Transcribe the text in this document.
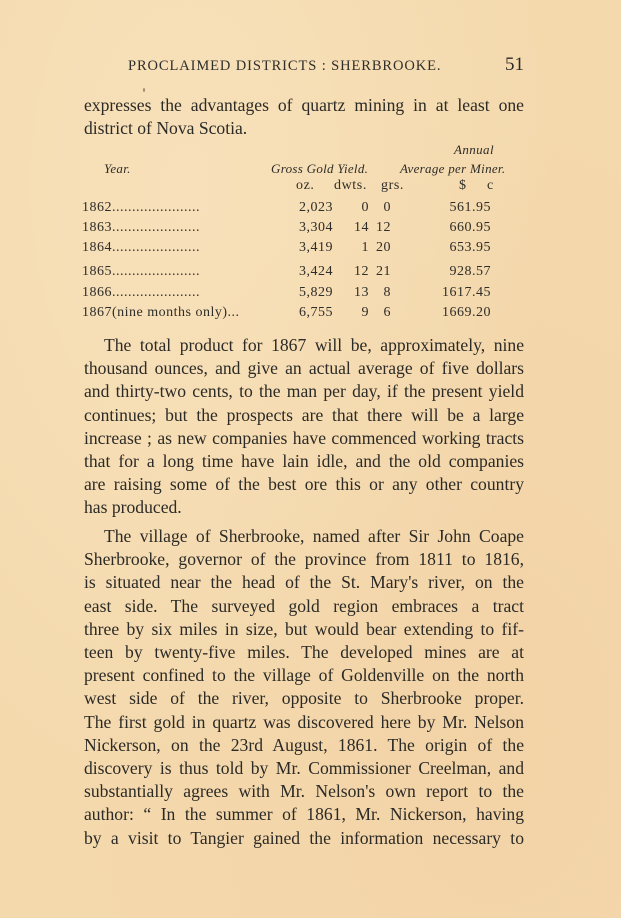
PROCLAIMED DISTRICTS : SHERBROOKE.	51
expresses the advantages of quartz mining in at least one
district of Nova Scotia.
Annual
Year.	Gross Gold Yield. Average per Miner.
oz. dwts. grs.	$ c
1862......................	2,023 0 0	561.95
1863......................	3,304 14 12	660.95
1864......................	3,419 1 20	653.95
1865......................	3,424 12 21	928.57
1866......................	5,829 13 8	1617.45
1867(nine months only)...	6,755 9 6	1669.20
The total product for 1867 will be, approximately, nine
thousand ounces, and give an actual average of five dollars
and thirty-two cents, to the man per day, if the present yield
continues; but the prospects are that there will be a large
increase ; as new companies have commenced working tracts
that for a long time have lain idle, and the old companies
are raising some of the best ore this or any other country
has produced.
The village of Sherbrooke, named after Sir John Coape
Sherbrooke, governor of the province from 1811 to 1816,
is situated near the head of the St. Mary's river, on the
east side. The surveyed gold region embraces a tract
three by six miles in size, but would bear extending to fif-
teen by twenty-five miles. The developed mines are at
present confined to the village of Goldenville on the north
west side of the river, opposite to Sherbrooke proper.
The first gold in quartz was discovered here by Mr. Nelson
Nickerson, on the 23rd August, 1861. The origin of the
discovery is thus told by Mr. Commissioner Creelman, and
substantially agrees with Mr. Nelson's own report to the
author: “ In the summer of 1861, Mr. Nickerson, having
by a visit to Tangier gained the information necessary to
